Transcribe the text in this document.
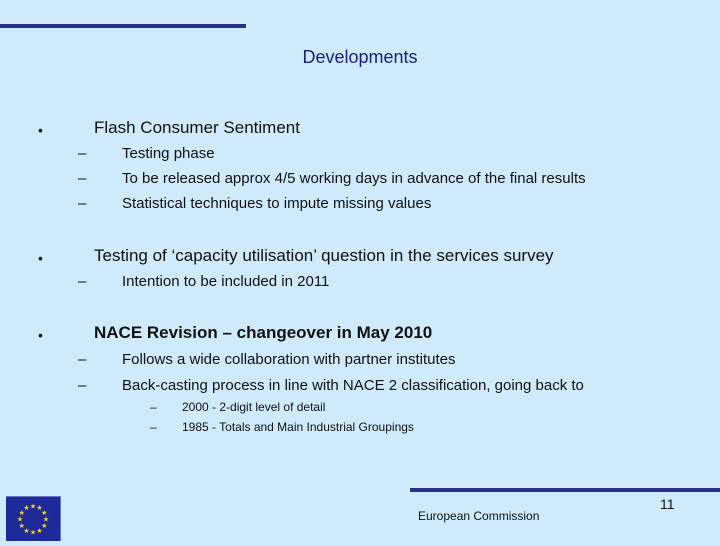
Developments
•	Flash Consumer Sentiment
– Testing phase
– To be released approx 4/5 working days in advance of the final results
– Statistical techniques to impute missing values
•	Testing of ‘capacity utilisation’ question in the services survey
– Intention to be included in 2011
•	NACE Revision – changeover in May 2010
– Follows a wide collaboration with partner institutes
– Back-casting process in line with NACE 2 classification, going back to
– 2000 - 2-digit level of detail
– 1985 - Totals and Main Industrial Groupings
★ ★
★
★
★
★
★
★
★
★
★
★	11
European Commission
